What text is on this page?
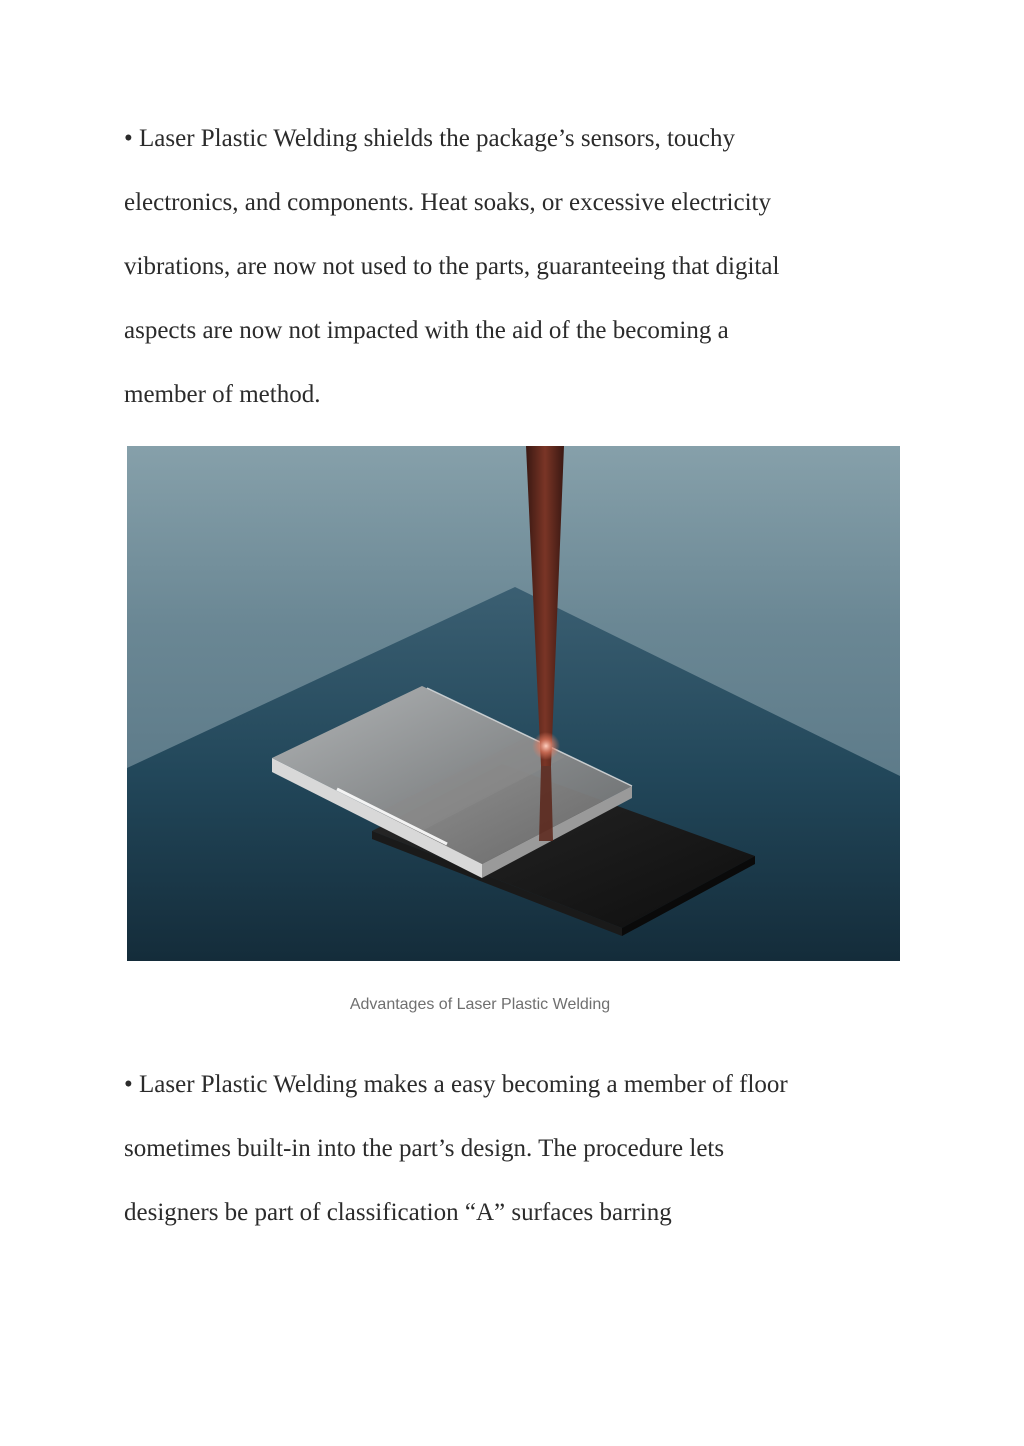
• Laser Plastic Welding shields the package’s sensors, touchy
electronics, and components. Heat soaks, or excessive electricity
vibrations, are now not used to the parts, guaranteeing that digital
aspects are now not impacted with the aid of the becoming a
member of method.

Advantages of Laser Plastic Welding

• Laser Plastic Welding makes a easy becoming a member of floor
sometimes built-in into the part’s design. The procedure lets
designers be part of classification “A” surfaces barring
